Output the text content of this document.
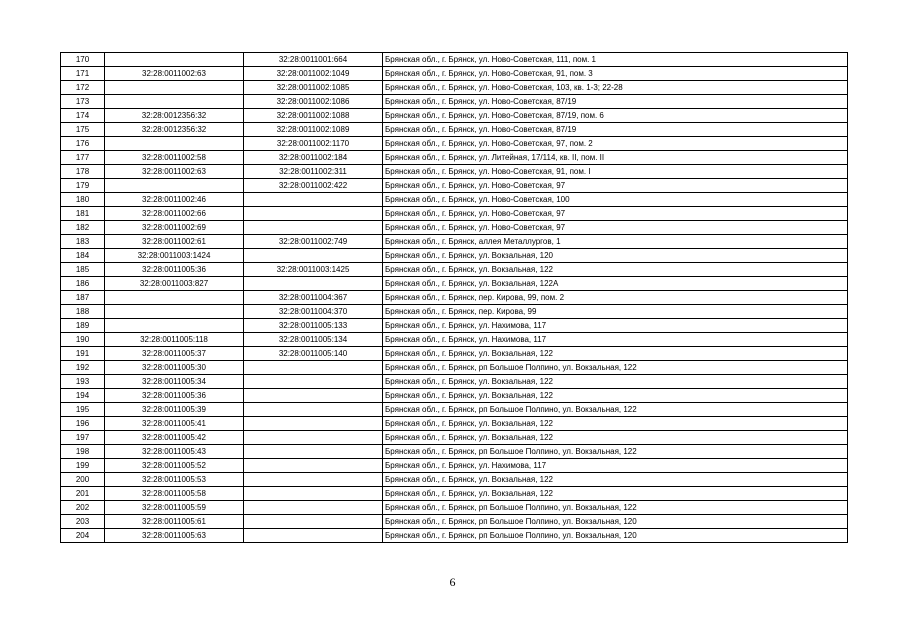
170		32:28:0011001:664	Брянская обл., г. Брянск, ул. Ново-Советская, 111, пом. 1
171	32:28:0011002:63	32:28:0011002:1049	Брянская обл., г. Брянск, ул. Ново-Советская, 91, пом. 3
172		32:28:0011002:1085	Брянская обл., г. Брянск, ул. Ново-Советская, 103, кв. 1-3; 22-28
173		32:28:0011002:1086	Брянская обл., г. Брянск, ул. Ново-Советская, 87/19
174	32:28:0012356:32	32:28:0011002:1088	Брянская обл., г. Брянск, ул. Ново-Советская, 87/19, пом. 6
175	32:28:0012356:32	32:28:0011002:1089	Брянская обл., г. Брянск, ул. Ново-Советская, 87/19
176		32:28:0011002:1170	Брянская обл., г. Брянск, ул. Ново-Советская, 97, пом. 2
177	32:28:0011002:58	32:28:0011002:184	Брянская обл., г. Брянск, ул. Литейная, 17/114, кв. II, пом. II
178	32:28:0011002:63	32:28:0011002:311	Брянская обл., г. Брянск, ул. Ново-Советская, 91, пом. I
179		32:28:0011002:422	Брянская обл., г. Брянск, ул. Ново-Советская, 97
180	32:28:0011002:46		Брянская обл., г. Брянск, ул. Ново-Советская, 100
181	32:28:0011002:66		Брянская обл., г. Брянск, ул. Ново-Советская, 97
182	32:28:0011002:69		Брянская обл., г. Брянск, ул. Ново-Советская, 97
183	32:28:0011002:61	32:28:0011002:749	Брянская обл., г. Брянск, аллея Металлургов, 1
184	32:28:0011003:1424		Брянская обл., г. Брянск, ул. Вокзальная, 120
185	32:28:0011005:36	32:28:0011003:1425	Брянская обл., г. Брянск, ул. Вокзальная, 122
186	32:28:0011003:827		Брянская обл., г. Брянск, ул. Вокзальная, 122А
187		32:28:0011004:367	Брянская обл., г. Брянск, пер. Кирова, 99, пом. 2
188		32:28:0011004:370	Брянская обл., г. Брянск, пер. Кирова, 99
189		32:28:0011005:133	Брянская обл., г. Брянск, ул. Нахимова, 117
190	32:28:0011005:118	32:28:0011005:134	Брянская обл., г. Брянск, ул. Нахимова, 117
191	32:28:0011005:37	32:28:0011005:140	Брянская обл., г. Брянск, ул. Вокзальная, 122
192	32:28:0011005:30		Брянская обл., г. Брянск, рп Большое Полпино, ул. Вокзальная, 122
193	32:28:0011005:34		Брянская обл., г. Брянск, ул. Вокзальная, 122
194	32:28:0011005:36		Брянская обл., г. Брянск, ул. Вокзальная, 122
195	32:28:0011005:39		Брянская обл., г. Брянск, рп Большое Полпино, ул. Вокзальная, 122
196	32:28:0011005:41		Брянская обл., г. Брянск, ул. Вокзальная, 122
197	32:28:0011005:42		Брянская обл., г. Брянск, ул. Вокзальная, 122
198	32:28:0011005:43		Брянская обл., г. Брянск, рп Большое Полпино, ул. Вокзальная, 122
199	32:28:0011005:52		Брянская обл., г. Брянск, ул. Нахимова, 117
200	32:28:0011005:53		Брянская обл., г. Брянск, ул. Вокзальная, 122
201	32:28:0011005:58		Брянская обл., г. Брянск, ул. Вокзальная, 122
202	32:28:0011005:59		Брянская обл., г. Брянск, рп Большое Полпино, ул. Вокзальная, 122
203	32:28:0011005:61		Брянская обл., г. Брянск, рп Большое Полпино, ул. Вокзальная, 120
204	32:28:0011005:63		Брянская обл., г. Брянск, рп Большое Полпино, ул. Вокзальная, 120
6
